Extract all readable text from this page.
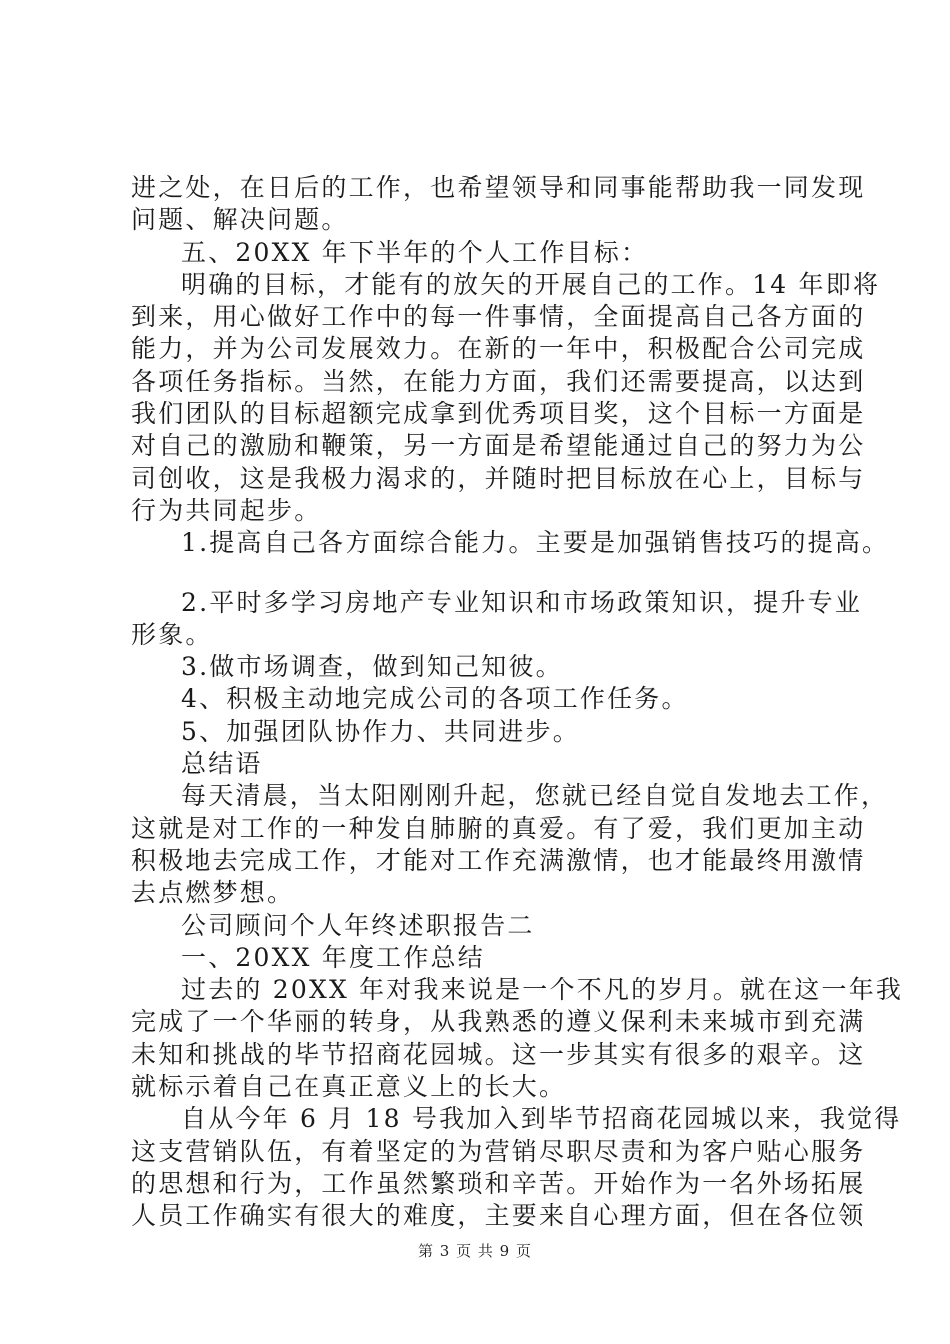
进之处，在日后的工作，也希望领导和同事能帮助我一同发现
问题、解决问题。
五、20XX 年下半年的个人工作目标：
明确的目标，才能有的放矢的开展自己的工作。14 年即将
到来，用心做好工作中的每一件事情，全面提高自己各方面的
能力，并为公司发展效力。在新的一年中，积极配合公司完成
各项任务指标。当然，在能力方面，我们还需要提高，以达到
我们团队的目标超额完成拿到优秀项目奖，这个目标一方面是
对自己的激励和鞭策，另一方面是希望能通过自己的努力为公
司创收，这是我极力渴求的，并随时把目标放在心上，目标与
行为共同起步。
1.提高自己各方面综合能力。主要是加强销售技巧的提高。
2.平时多学习房地产专业知识和市场政策知识，提升专业
形象。
3.做市场调查，做到知己知彼。
4、积极主动地完成公司的各项工作任务。
5、加强团队协作力、共同进步。
总结语
每天清晨，当太阳刚刚升起，您就已经自觉自发地去工作，
这就是对工作的一种发自肺腑的真爱。有了爱，我们更加主动
积极地去完成工作，才能对工作充满激情，也才能最终用激情
去点燃梦想。
公司顾问个人年终述职报告二
一、20XX 年度工作总结
过去的 20XX 年对我来说是一个不凡的岁月。就在这一年我
完成了一个华丽的转身，从我熟悉的遵义保利未来城市到充满
未知和挑战的毕节招商花园城。这一步其实有很多的艰辛。这
就标示着自己在真正意义上的长大。
自从今年 6 月 18 号我加入到毕节招商花园城以来，我觉得
这支营销队伍，有着坚定的为营销尽职尽责和为客户贴心服务
的思想和行为，工作虽然繁琐和辛苦。开始作为一名外场拓展
人员工作确实有很大的难度，主要来自心理方面，但在各位领
第 3 页 共 9 页
